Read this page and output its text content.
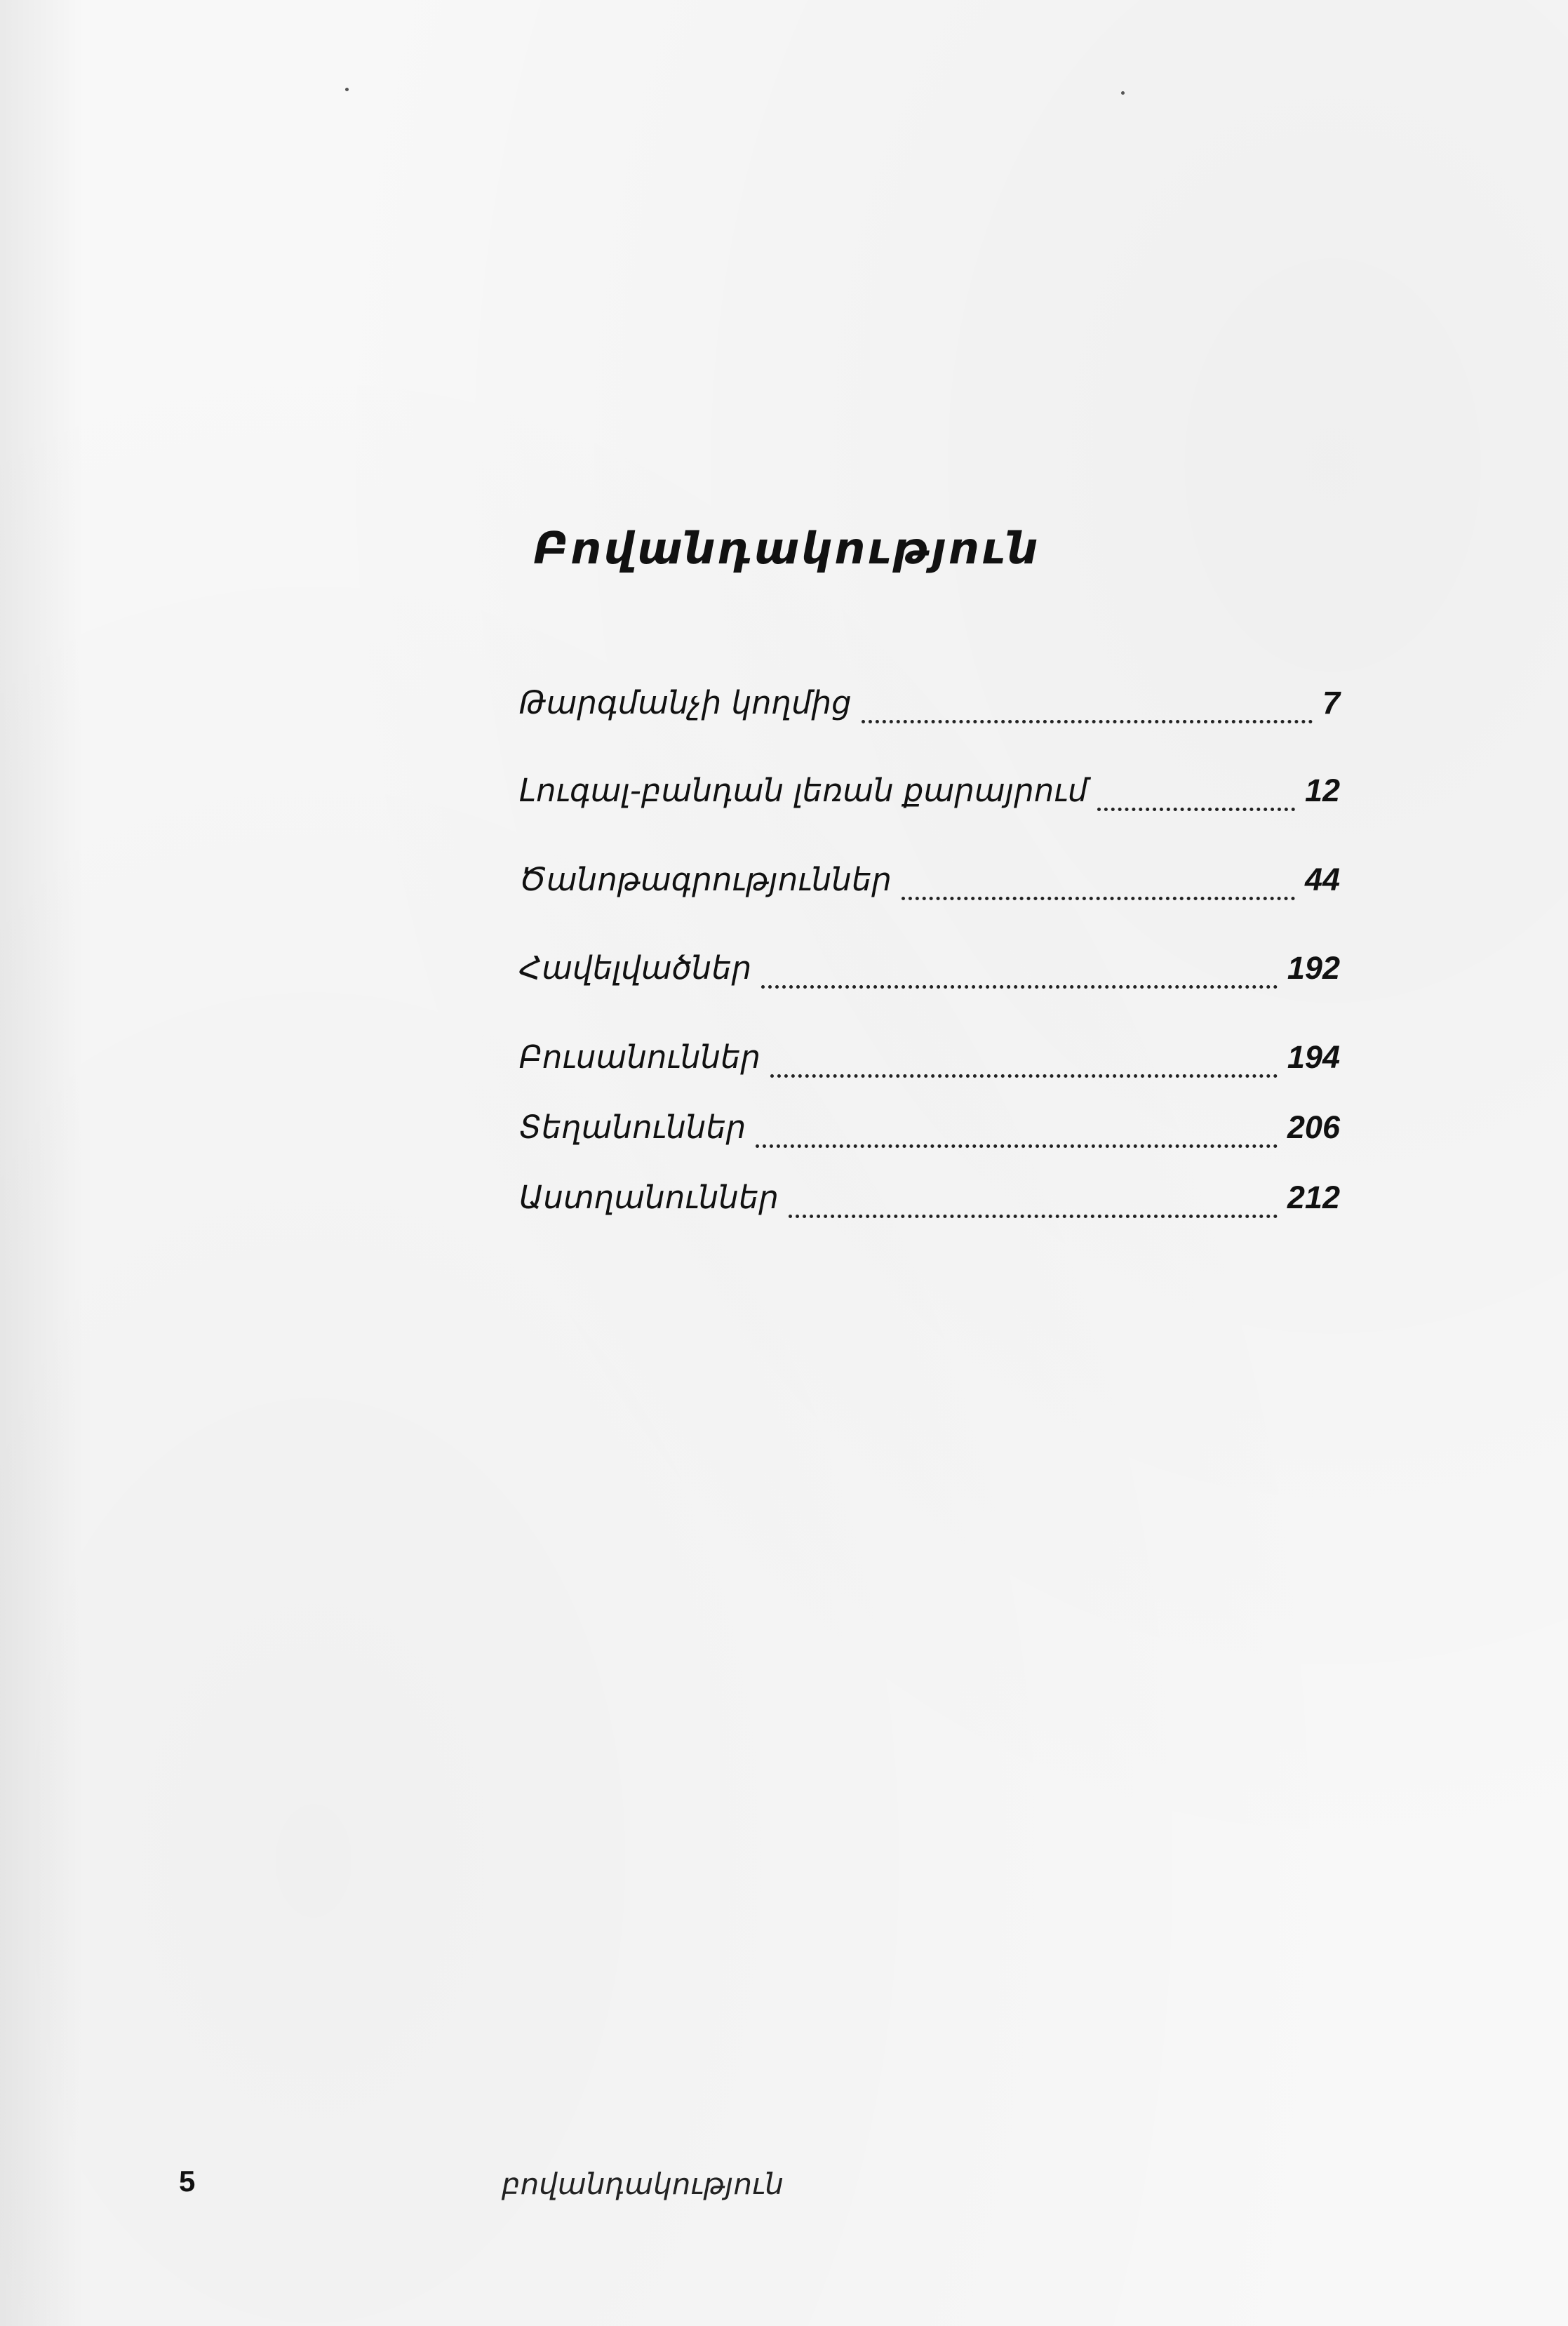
Բովանդակություն
Թարգմանչի կողմից	7
Լուգալ-բանդան լեռան քարայրում	12
Ծանոթագրություններ	44
Հավելվածներ	192
Բուսանուններ	194
Տեղանուններ	206
Աստղանուններ	212
5	բովանդակություն
